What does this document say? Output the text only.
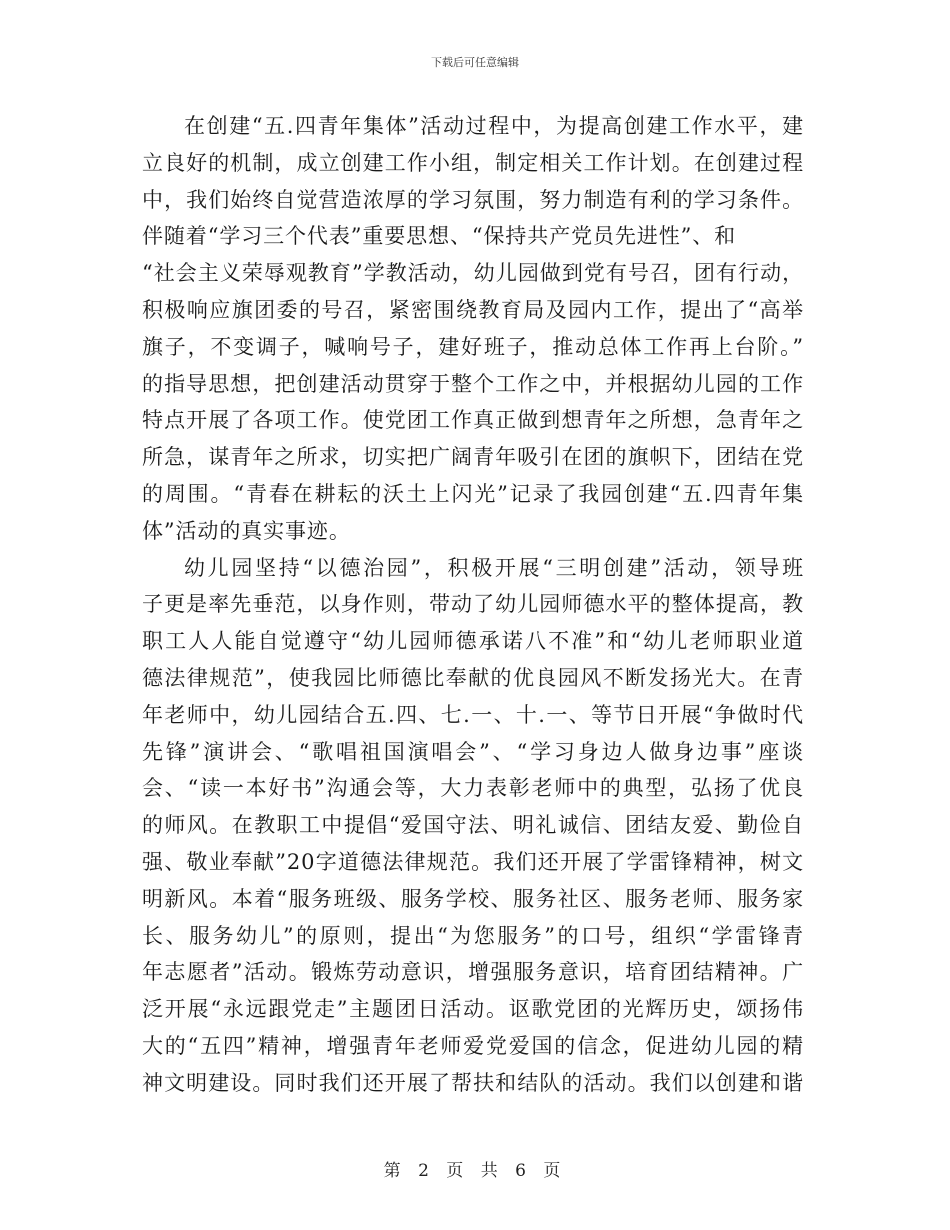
下载后可任意编辑

在创建“五.四青年集体”活动过程中，为提高创建工作水平，建
立良好的机制，成立创建工作小组，制定相关工作计划。在创建过程
中，我们始终自觉营造浓厚的学习氛围，努力制造有利的学习条件。
伴随着“学习三个代表”重要思想、“保持共产党员先进性”、和
“社会主义荣辱观教育”学教活动，幼儿园做到党有号召，团有行动，
积极响应旗团委的号召，紧密围绕教育局及园内工作，提出了“高举
旗子，不变调子，喊响号子，建好班子，推动总体工作再上台阶。”
的指导思想，把创建活动贯穿于整个工作之中，并根据幼儿园的工作
特点开展了各项工作。使党团工作真正做到想青年之所想，急青年之
所急，谋青年之所求，切实把广阔青年吸引在团的旗帜下，团结在党
的周围。“青春在耕耘的沃土上闪光”记录了我园创建“五.四青年集
体”活动的真实事迹。

幼儿园坚持“以德治园”，积极开展“三明创建”活动，领导班
子更是率先垂范，以身作则，带动了幼儿园师德水平的整体提高，教
职工人人能自觉遵守“幼儿园师德承诺八不准”和“幼儿老师职业道
德法律规范”，使我园比师德比奉献的优良园风不断发扬光大。在青
年老师中，幼儿园结合五.四、七.一、十.一、等节日开展“争做时代
先锋”演讲会、“歌唱祖国演唱会”、“学习身边人做身边事”座谈
会、“读一本好书”沟通会等，大力表彰老师中的典型，弘扬了优良
的师风。在教职工中提倡“爱国守法、明礼诚信、团结友爱、勤俭自
强、敬业奉献”20字道德法律规范。我们还开展了学雷锋精神，树文
明新风。本着“服务班级、服务学校、服务社区、服务老师、服务家
长、服务幼儿”的原则，提出“为您服务”的口号，组织“学雷锋青
年志愿者”活动。锻炼劳动意识，增强服务意识，培育团结精神。广
泛开展“永远跟党走”主题团日活动。讴歌党团的光辉历史，颂扬伟
大的“五四”精神，增强青年老师爱党爱国的信念，促进幼儿园的精
神文明建设。同时我们还开展了帮扶和结队的活动。我们以创建和谐

第 2 页 共 6 页
